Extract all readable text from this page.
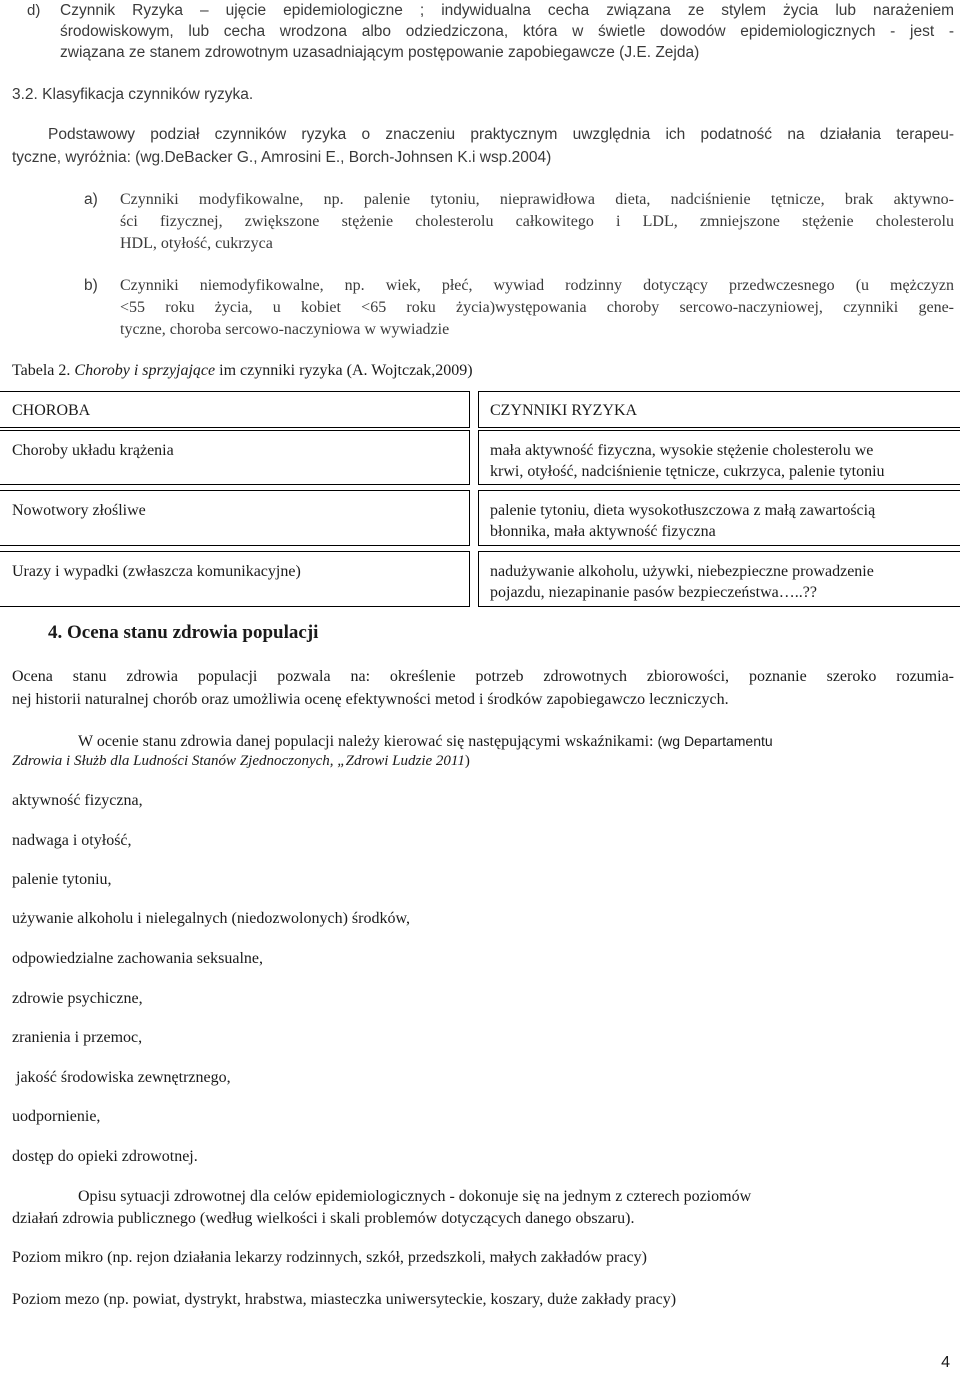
d) Czynnik Ryzyka – ujęcie epidemiologiczne ; indywidualna cecha związana ze stylem życia lub narażeniem
środowiskowym, lub cecha wrodzona albo odziedziczona, która w świetle dowodów epidemiologicznych - jest -
związana ze stanem zdrowotnym uzasadniającym postępowanie zapobiegawcze (J.E. Zejda)
3.2. Klasyfikacja czynników ryzyka.
Podstawowy podział czynników ryzyka o znaczeniu praktycznym uwzględnia ich podatność na działania terapeu-
tyczne, wyróżnia: (wg.DeBacker G., Amrosini E., Borch-Johnsen K.i wsp.2004)
a) Czynniki modyfikowalne, np. palenie tytoniu, nieprawidłowa dieta, nadciśnienie tętnicze, brak aktywno-
ści fizycznej, zwiększone stężenie cholesterolu całkowitego i LDL, zmniejszone stężenie cholesterolu
HDL, otyłość, cukrzyca
b) Czynniki niemodyfikowalne, np. wiek, płeć, wywiad rodzinny dotyczący przedwczesnego (u mężczyzn
<55 roku życia, u kobiet <65 roku życia)występowania choroby sercowo-naczyniowej, czynniki gene-
tyczne, choroba sercowo-naczyniowa w wywiadzie
Tabela 2. Choroby i sprzyjające im czynniki ryzyka (A. Wojtczak,2009)
CHOROBA	CZYNNIKI RYZYKA
Choroby układu krążenia	mała aktywność fizyczna, wysokie stężenie cholesterolu we
krwi, otyłość, nadciśnienie tętnicze, cukrzyca, palenie tytoniu
Nowotwory złośliwe	palenie tytoniu, dieta wysokotłuszczowa z małą zawartością
błonnika, mała aktywność fizyczna
Urazy i wypadki (zwłaszcza komunikacyjne)	nadużywanie alkoholu, używki, niebezpieczne prowadzenie
pojazdu, niezapinanie pasów bezpieczeństwa…..??
4. Ocena stanu zdrowia populacji
Ocena stanu zdrowia populacji pozwala na: określenie potrzeb zdrowotnych zbiorowości, poznanie szeroko rozumia-
nej historii naturalnej chorób oraz umożliwia ocenę efektywności metod i środków zapobiegawczo leczniczych.
W ocenie stanu zdrowia danej populacji należy kierować się następującymi wskaźnikami: (wg Departamentu
Zdrowia i Służb dla Ludności Stanów Zjednoczonych, „Zdrowi Ludzie 2011)
aktywność fizyczna,
nadwaga i otyłość,
palenie tytoniu,
używanie alkoholu i nielegalnych (niedozwolonych) środków,
odpowiedzialne zachowania seksualne,
zdrowie psychiczne,
zranienia i przemoc,
jakość środowiska zewnętrznego,
uodpornienie,
dostęp do opieki zdrowotnej.
Opisu sytuacji zdrowotnej dla celów epidemiologicznych - dokonuje się na jednym z czterech poziomów
działań zdrowia publicznego (według wielkości i skali problemów dotyczących danego obszaru).
Poziom mikro (np. rejon działania lekarzy rodzinnych, szkół, przedszkoli, małych zakładów pracy)
Poziom mezo (np. powiat, dystrykt, hrabstwa, miasteczka uniwersyteckie, koszary, duże zakłady pracy)
4
